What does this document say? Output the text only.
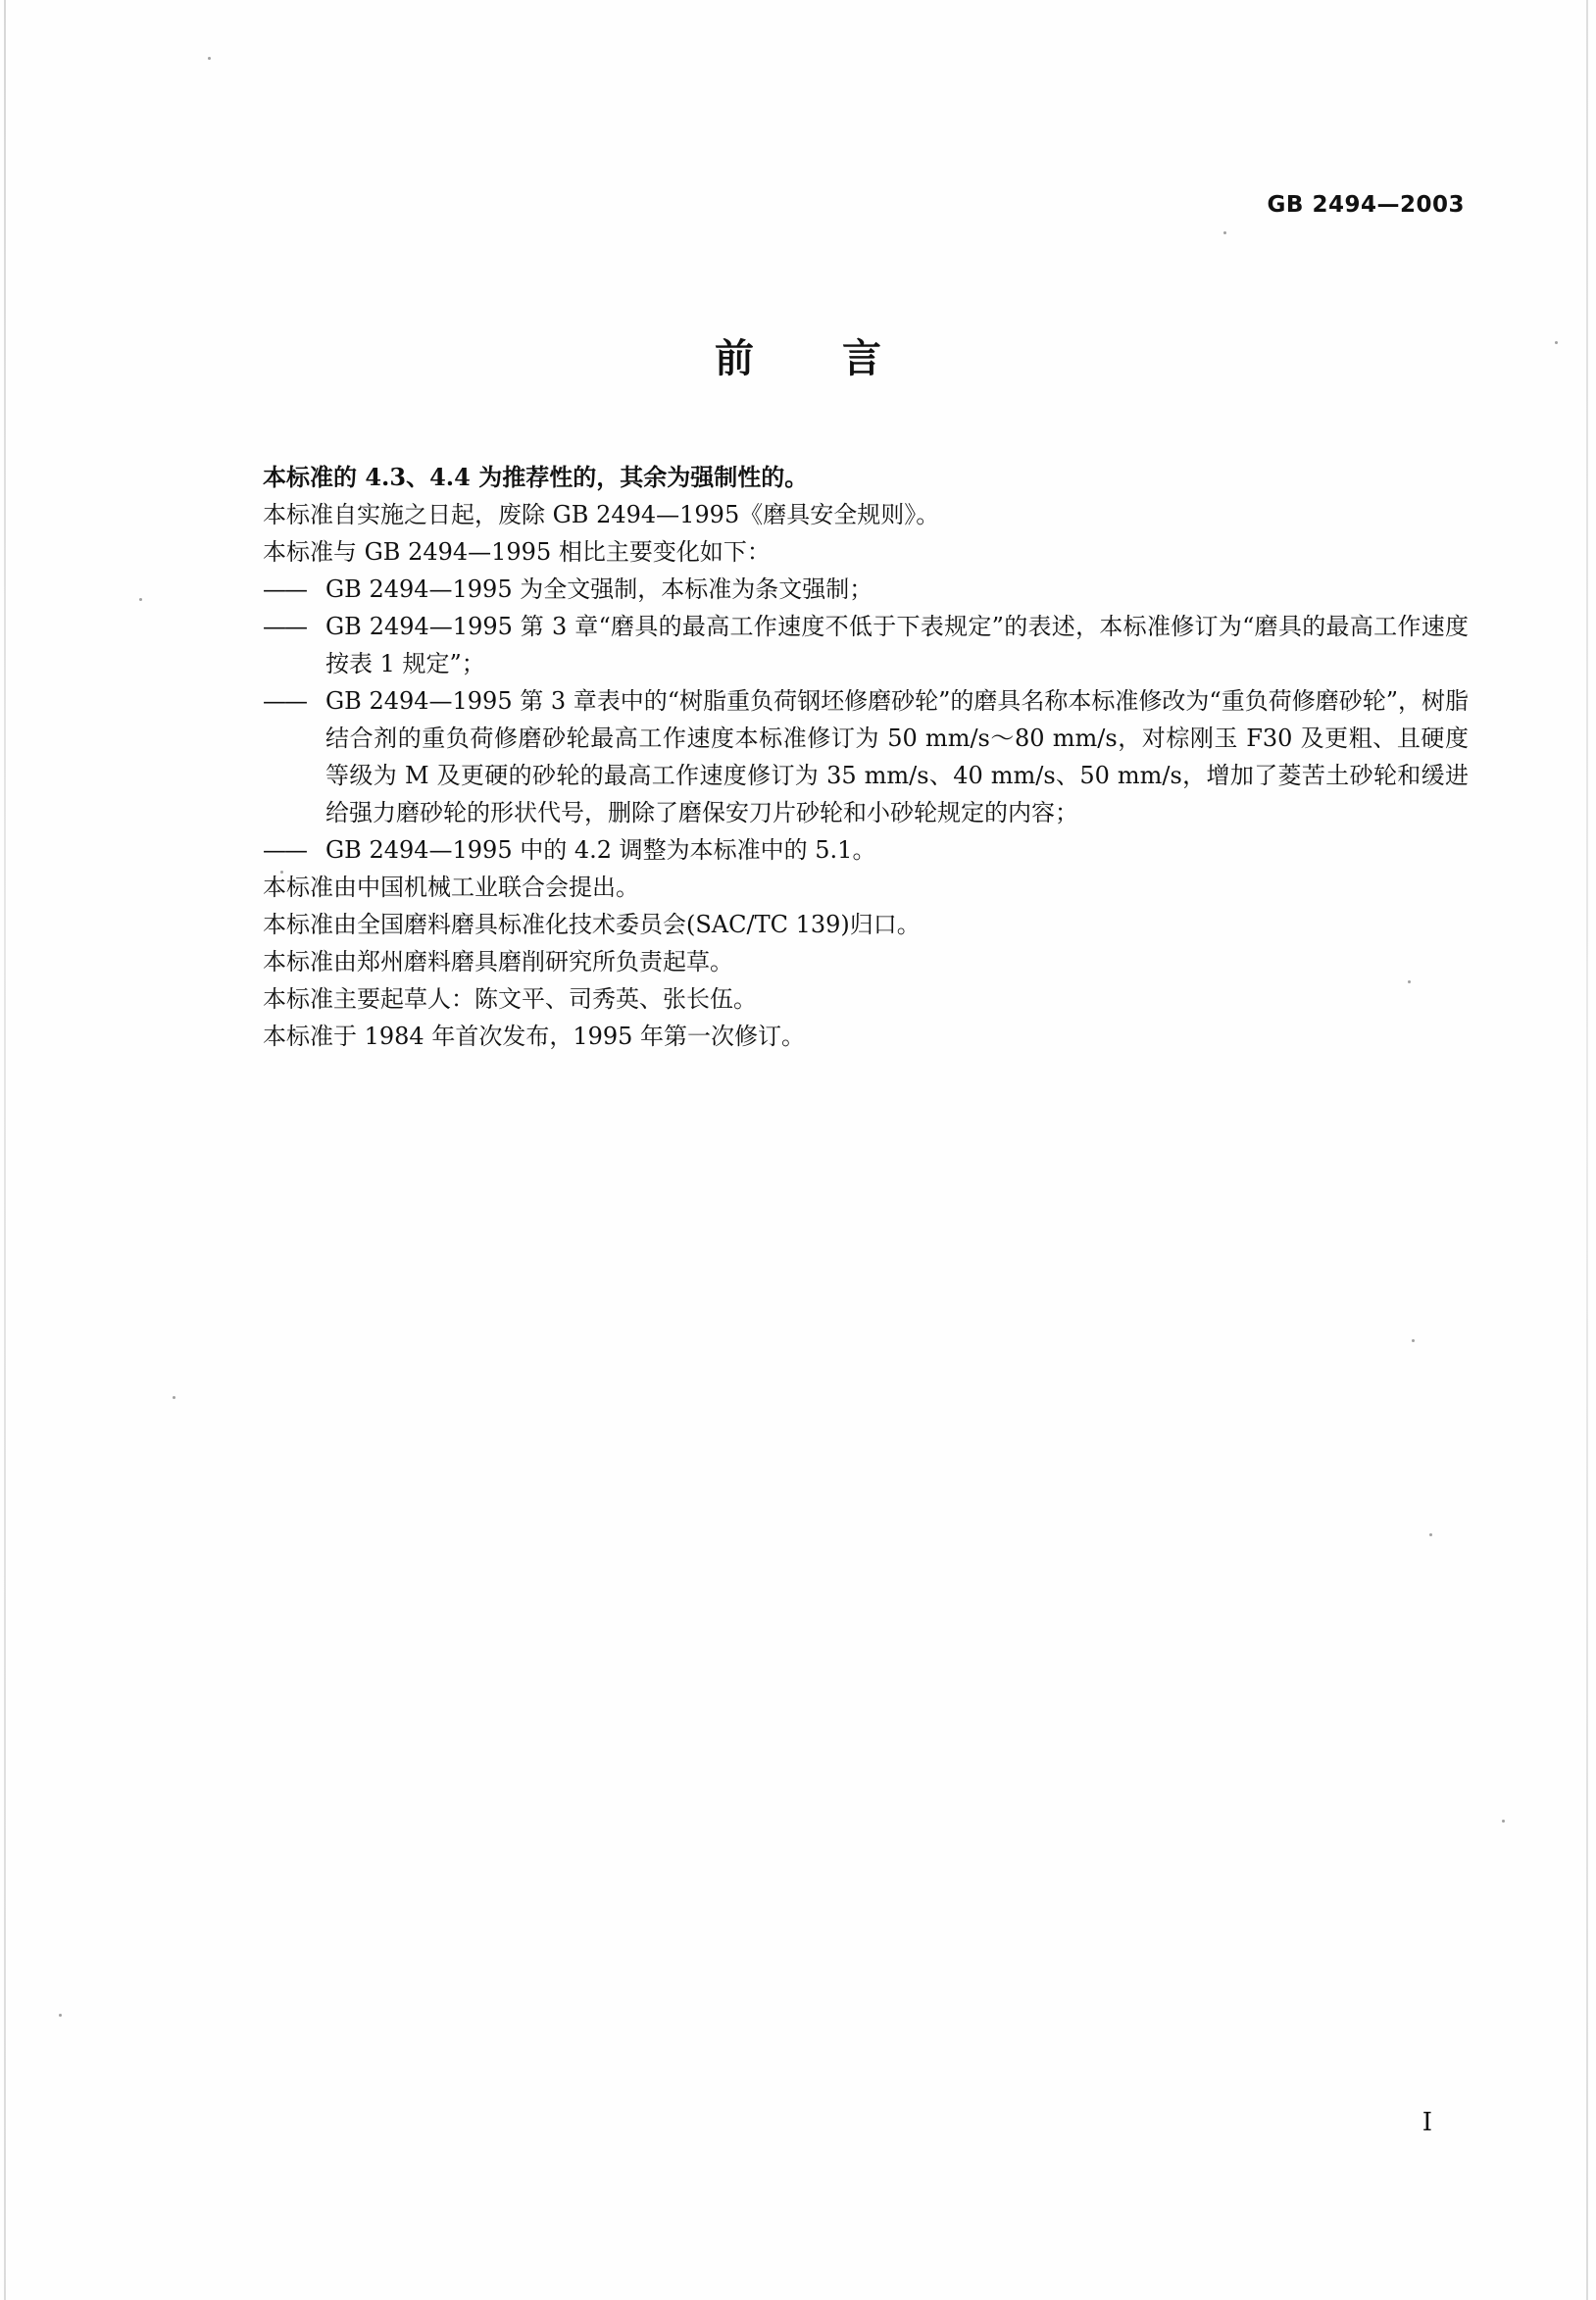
GB 2494—2003
前言

本标准的 4.3、4.4 为推荐性的，其余为强制性的。

本标准自实施之日起，废除 GB 2494—1995《磨具安全规则》。

本标准与 GB 2494—1995 相比主要变化如下：

—— GB 2494—1995 为全文强制，本标准为条文强制；

—— GB 2494—1995 第 3 章“磨具的最高工作速度不低于下表规定”的表述，本标准修订为“磨具的最高工作速度按表 1 规定”；

—— GB 2494—1995 第 3 章表中的“树脂重负荷钢坯修磨砂轮”的磨具名称本标准修改为“重负荷修磨砂轮”，树脂结合剂的重负荷修磨砂轮最高工作速度本标准修订为 50 mm/s～80 mm/s，对棕刚玉 F30 及更粗、且硬度等级为 M 及更硬的砂轮的最高工作速度修订为 35 mm/s、40 mm/s、50 mm/s，增加了菱苦土砂轮和缓进给强力磨砂轮的形状代号，删除了磨保安刀片砂轮和小砂轮规定的内容；

—— GB 2494—1995 中的 4.2 调整为本标准中的 5.1。

本标准由中国机械工业联合会提出。

本标准由全国磨料磨具标准化技术委员会(SAC/TC 139)归口。

本标准由郑州磨料磨具磨削研究所负责起草。

本标准主要起草人：陈文平、司秀英、张长伍。

本标准于 1984 年首次发布，1995 年第一次修订。

I
